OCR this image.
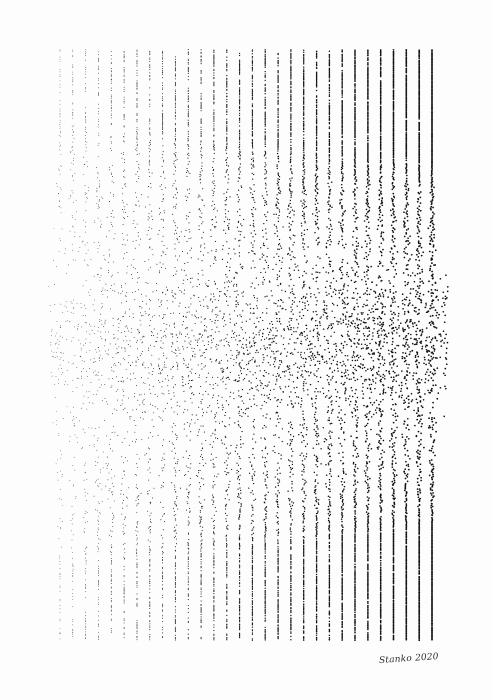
Stanko 2020
